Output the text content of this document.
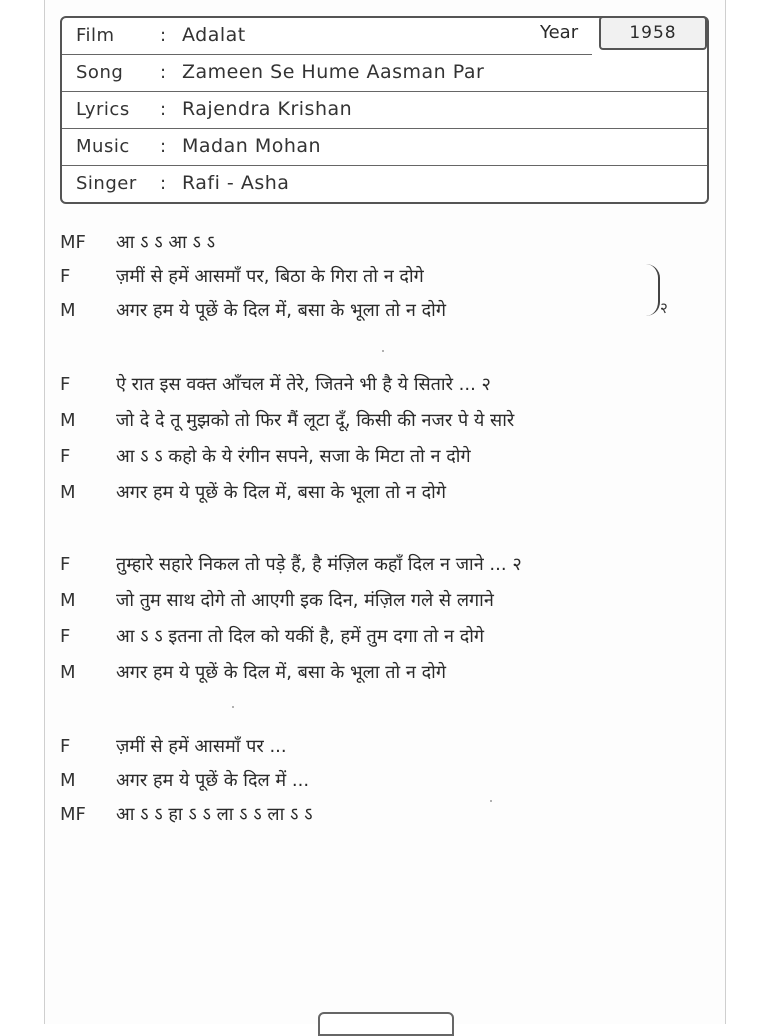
Film	: Adalat	Year	1958
Song : Zameen Se Hume Aasman Par
Lyrics : Rajendra Krishan
Music : Madan Mohan
Singer : Rafi - Asha
MF	आ ऽ ऽ आ ऽ ऽ
F	ज़मीं से हमें आसमाँ पर, बिठा के गिरा तो न दोगे
M	अगर हम ये पूछें के दिल में, बसा के भूला तो न दोगे	२
F	ऐ रात इस वक्त आँचल में तेरे, जितने भी है ये सितारे ... २
M	जो दे दे तू मुझको तो फिर मैं लूटा दूँ, किसी की नजर पे ये सारे
F	आ ऽ ऽ कहो के ये रंगीन सपने, सजा के मिटा तो न दोगे
M	अगर हम ये पूछें के दिल में, बसा के भूला तो न दोगे
F	तुम्हारे सहारे निकल तो पड़े हैं, है मंज़िल कहाँ दिल न जाने ... २
M	जो तुम साथ दोगे तो आएगी इक दिन, मंज़िल गले से लगाने
F	आ ऽ ऽ इतना तो दिल को यकीं है, हमें तुम दगा तो न दोगे
M	अगर हम ये पूछें के दिल में, बसा के भूला तो न दोगे
F	ज़मीं से हमें आसमाँ पर ...
M	अगर हम ये पूछें के दिल में ...
MF	आ ऽ ऽ हा ऽ ऽ ला ऽ ऽ ला ऽ ऽ
